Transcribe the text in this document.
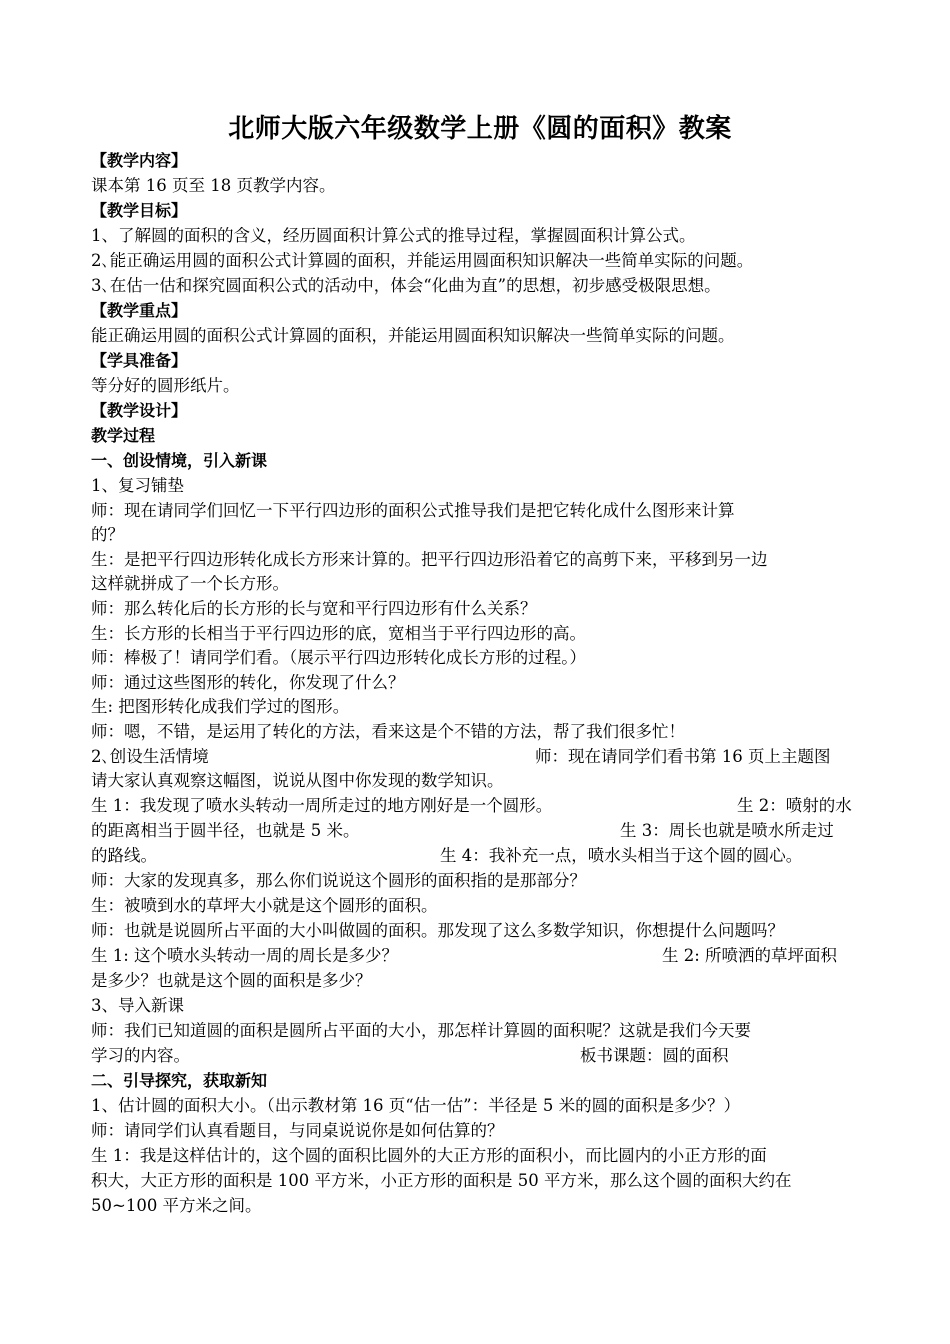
北师大版六年级数学上册《圆的面积》教案
【教学内容】
课本第 16 页至 18 页教学内容。
【教学目标】
1、了解圆的面积的含义，经历圆面积计算公式的推导过程，掌握圆面积计算公式。
2､能正确运用圆的面积公式计算圆的面积，并能运用圆面积知识解决一些简单实际的问题。
3､在估一估和探究圆面积公式的活动中，体会“化曲为直”的思想，初步感受极限思想。
【教学重点】
能正确运用圆的面积公式计算圆的面积，并能运用圆面积知识解决一些简单实际的问题。
【学具准备】
等分好的圆形纸片。
【教学设计】
教学过程
一、创设情境，引入新课
1、复习铺垫
师：现在请同学们回忆一下平行四边形的面积公式推导我们是把它转化成什么图形来计算
的？
生：是把平行四边形转化成长方形来计算的。把平行四边形沿着它的高剪下来，平移到另一边
这样就拼成了一个长方形。
师：那么转化后的长方形的长与宽和平行四边形有什么关系？
生：长方形的长相当于平行四边形的底，宽相当于平行四边形的高。
师：棒极了！请同学们看。（展示平行四边形转化成长方形的过程。）
师：通过这些图形的转化，你发现了什么？
生: 把图形转化成我们学过的图形。
师：嗯，不错，是运用了转化的方法，看来这是个不错的方法，帮了我们很多忙！
2､创设生活情境	师：现在请同学们看书第 16 页上主题图
请大家认真观察这幅图，说说从图中你发现的数学知识。
生 1：我发现了喷水头转动一周所走过的地方刚好是一个圆形。	生 2：喷射的水
的距离相当于圆半径，也就是 5 米。	生 3：周长也就是喷水所走过
的路线。	生 4：我补充一点，喷水头相当于这个圆的圆心。
师：大家的发现真多，那么你们说说这个圆形的面积指的是那部分？
生：被喷到水的草坪大小就是这个圆形的面积。
师：也就是说圆所占平面的大小叫做圆的面积。那发现了这么多数学知识，你想提什么问题吗？
生 1: 这个喷水头转动一周的周长是多少？	生 2: 所喷洒的草坪面积
是多少？也就是这个圆的面积是多少？
3、导入新课
师：我们已知道圆的面积是圆所占平面的大小，那怎样计算圆的面积呢？这就是我们今天要
学习的内容。	板书课题：圆的面积
二、引导探究，获取新知
1、估计圆的面积大小。（出示教材第 16 页“估一估”：半径是 5 米的圆的面积是多少？）
师：请同学们认真看题目，与同桌说说你是如何估算的？
生 1：我是这样估计的，这个圆的面积比圆外的大正方形的面积小，而比圆内的小正方形的面
积大，大正方形的面积是 100 平方米，小正方形的面积是 50 平方米，那么这个圆的面积大约在
50~100 平方米之间。
